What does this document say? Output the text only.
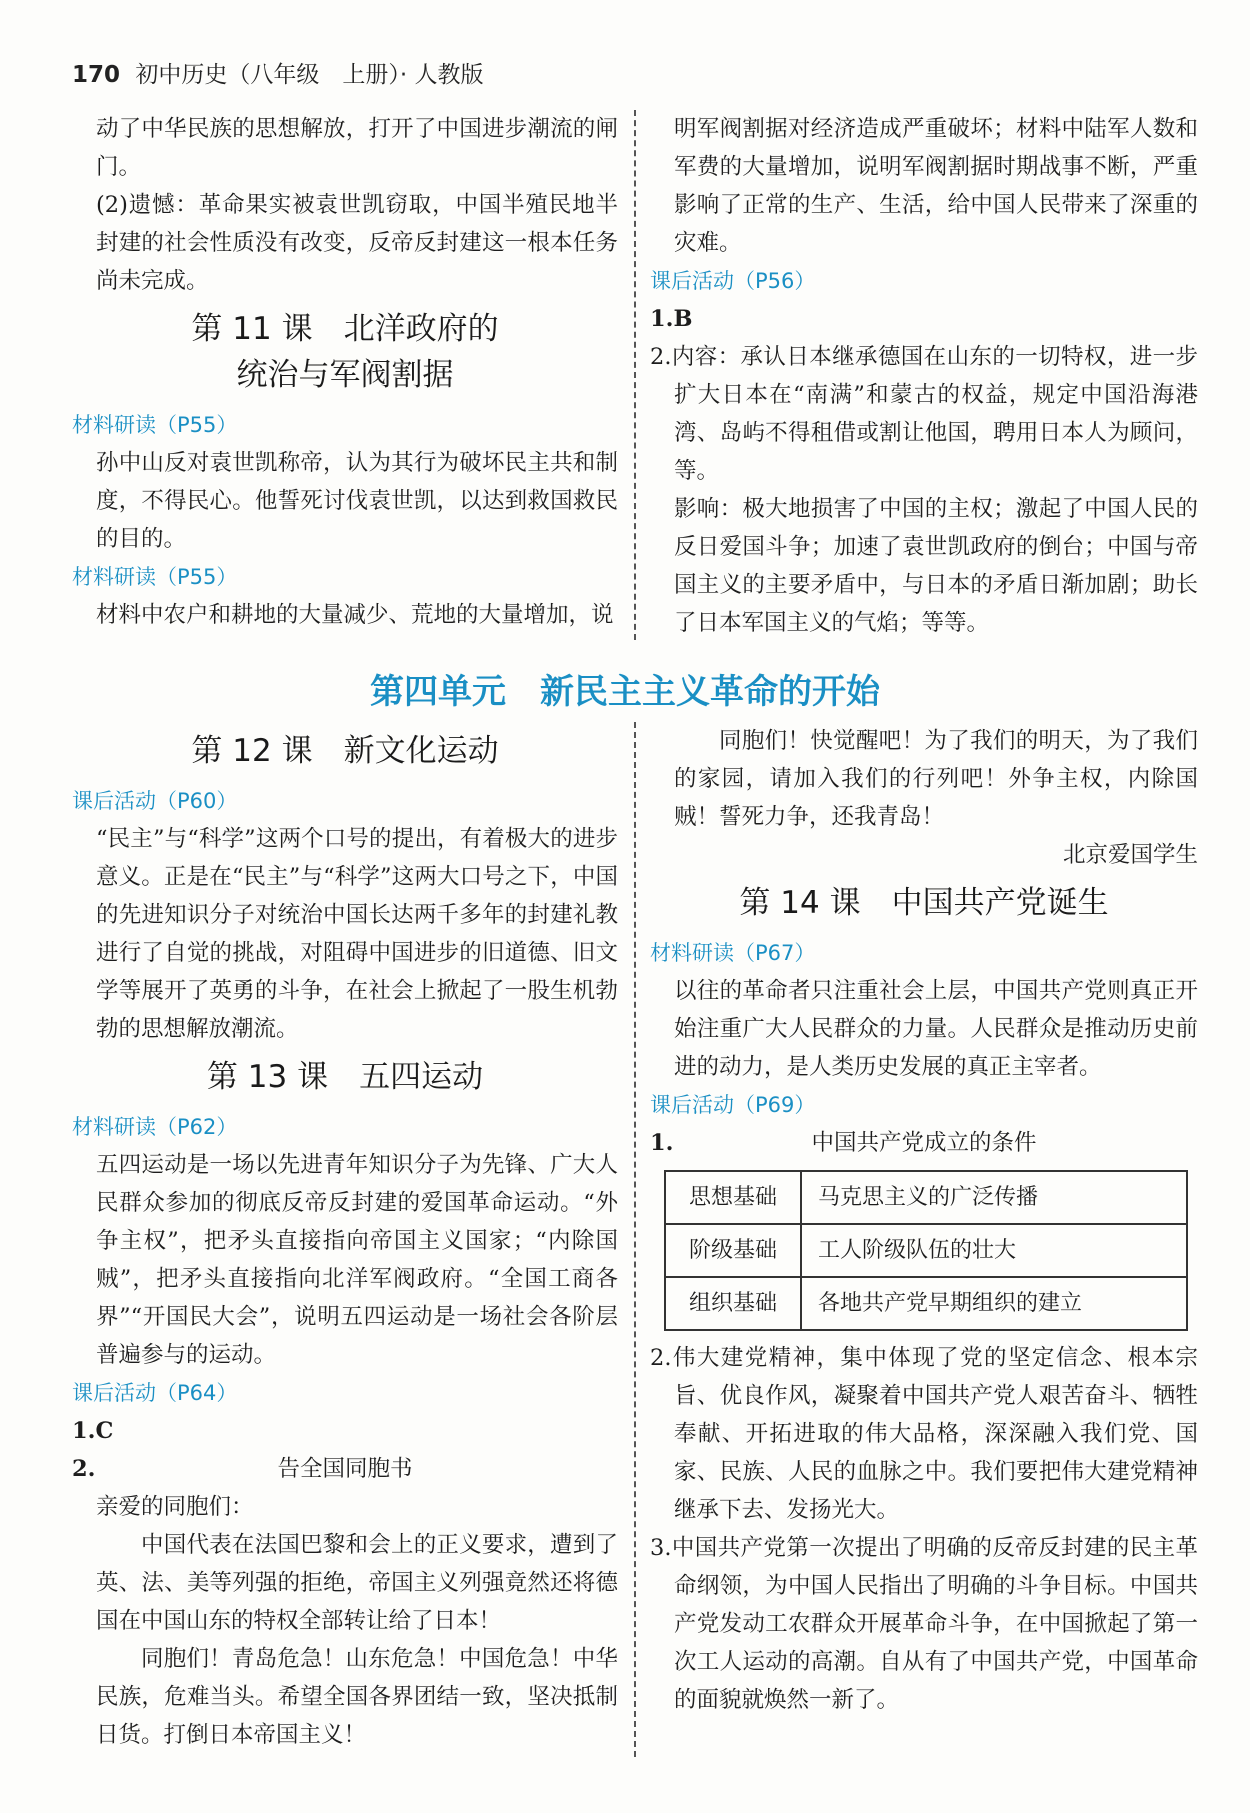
170 初中历史（八年级　上册）· 人教版

动了中华民族的思想解放，打开了中国进步潮流的闸门。

(2)遗憾：革命果实被袁世凯窃取，中国半殖民地半封建的社会性质没有改变，反帝反封建这一根本任务尚未完成。

第 11 课　北洋政府的
统治与军阀割据
材料研读（P55）

孙中山反对袁世凯称帝，认为其行为破坏民主共和制度，不得民心。他誓死讨伐袁世凯，以达到救国救民的目的。

材料研读（P55）

材料中农户和耕地的大量减少、荒地的大量增加，说

明军阀割据对经济造成严重破坏；材料中陆军人数和军费的大量增加，说明军阀割据时期战事不断，严重影响了正常的生产、生活，给中国人民带来了深重的灾难。

课后活动（P56）

1.B

2.内容：承认日本继承德国在山东的一切特权，进一步扩大日本在“南满”和蒙古的权益，规定中国沿海港湾、岛屿不得租借或割让他国，聘用日本人为顾问，等。

影响：极大地损害了中国的主权；激起了中国人民的反日爱国斗争；加速了袁世凯政府的倒台；中国与帝国主义的主要矛盾中，与日本的矛盾日渐加剧；助长了日本军国主义的气焰；等等。

第四单元　新民主主义革命的开始
第 12 课　新文化运动
课后活动（P60）

“民主”与“科学”这两个口号的提出，有着极大的进步意义。正是在“民主”与“科学”这两大口号之下，中国的先进知识分子对统治中国长达两千多年的封建礼教进行了自觉的挑战，对阻碍中国进步的旧道德、旧文学等展开了英勇的斗争，在社会上掀起了一股生机勃勃的思想解放潮流。

第 13 课　五四运动
材料研读（P62）

五四运动是一场以先进青年知识分子为先锋、广大人民群众参加的彻底反帝反封建的爱国革命运动。“外争主权”，把矛头直接指向帝国主义国家；“内除国贼”，把矛头直接指向北洋军阀政府。“全国工商各界”“开国民大会”，说明五四运动是一场社会各阶层普遍参与的运动。

课后活动（P64）

1.C

2.	告全国同胞书

亲爱的同胞们：

中国代表在法国巴黎和会上的正义要求，遭到了英、法、美等列强的拒绝，帝国主义列强竟然还将德国在中国山东的特权全部转让给了日本！

同胞们！青岛危急！山东危急！中国危急！中华民族，危难当头。希望全国各界团结一致，坚决抵制日货。打倒日本帝国主义！

同胞们！快觉醒吧！为了我们的明天，为了我们的家园，请加入我们的行列吧！外争主权，内除国贼！誓死力争，还我青岛！

北京爱国学生

第 14 课　中国共产党诞生
材料研读（P67）

以往的革命者只注重社会上层，中国共产党则真正开始注重广大人民群众的力量。人民群众是推动历史前进的动力，是人类历史发展的真正主宰者。

课后活动（P69）
1.	中国共产党成立的条件
思想基础	马克思主义的广泛传播
阶级基础	工人阶级队伍的壮大
组织基础	各地共产党早期组织的建立

2.伟大建党精神，集中体现了党的坚定信念、根本宗旨、优良作风，凝聚着中国共产党人艰苦奋斗、牺牲奉献、开拓进取的伟大品格，深深融入我们党、国家、民族、人民的血脉之中。我们要把伟大建党精神继承下去、发扬光大。

3.中国共产党第一次提出了明确的反帝反封建的民主革命纲领，为中国人民指出了明确的斗争目标。中国共产党发动工农群众开展革命斗争，在中国掀起了第一次工人运动的高潮。自从有了中国共产党，中国革命的面貌就焕然一新了。
